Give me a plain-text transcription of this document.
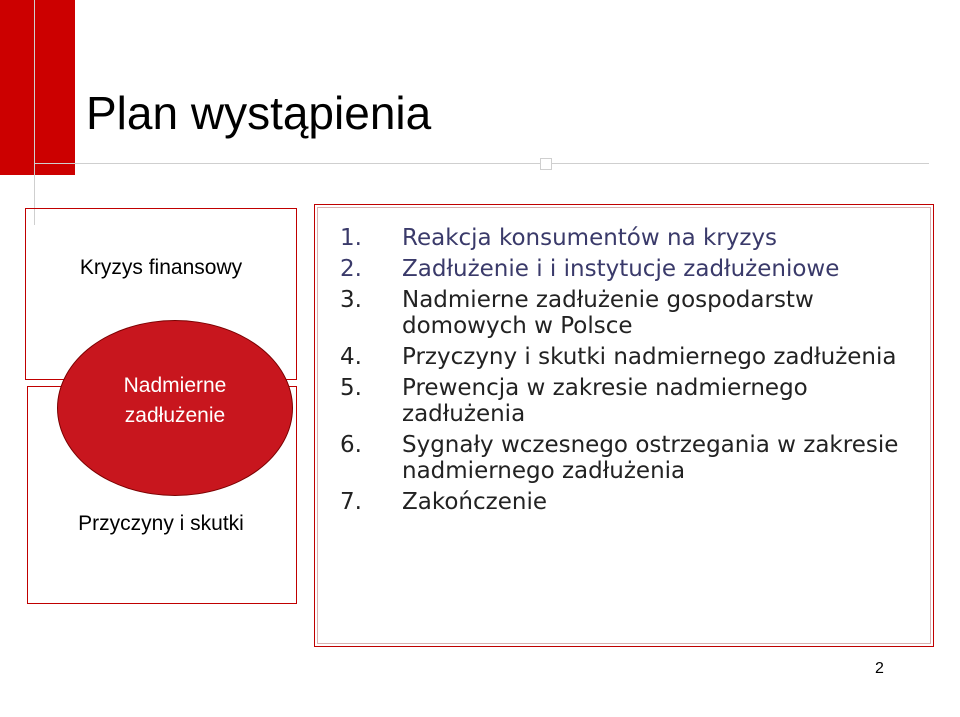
Plan wystąpienia
Kryzys finansowy
Nadmierne
zadłużenie
Przyczyny i skutki
1. Reakcja konsumentów na kryzys
2. Zadłużenie i i instytucje zadłużeniowe
3. Nadmierne zadłużenie gospodarstw domowych w Polsce
4. Przyczyny i skutki nadmiernego zadłużenia
5. Prewencja w zakresie nadmiernego zadłużenia
6. Sygnały wczesnego ostrzegania w zakresie nadmiernego zadłużenia
7. Zakończenie
2
